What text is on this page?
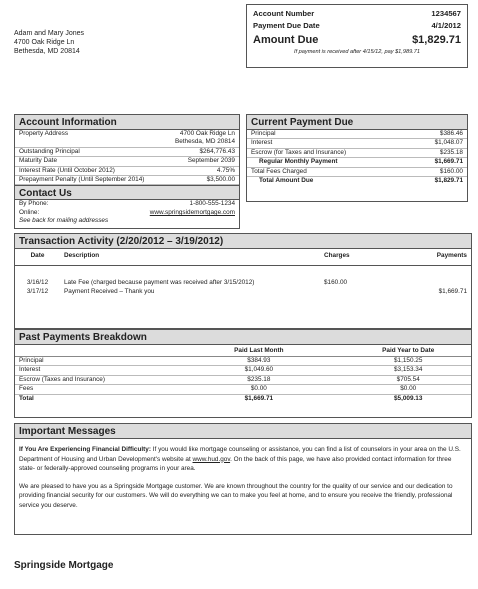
Adam and Mary Jones
4700 Oak Ridge Ln
Bethesda, MD 20814
Account Number	1234567
Payment Due Date	4/1/2012
Amount Due	$1,829.71
If payment is received after 4/15/12, pay $1,989.71
Account Information
Property Address	4700 Oak Ridge Ln
Bethesda, MD 20814
Outstanding Principal	$264,776.43
Maturity Date	September 2039
Interest Rate (Until October 2012)	4.75%
Prepayment Penalty (Until September 2014)	$3,500.00
Contact Us
By Phone:	1-800-555-1234
Online:	www.springsidemortgage.com
See back for mailing addresses
Current Payment Due
Principal	$386.46
Interest	$1,048.07
Escrow (for Taxes and Insurance)	$235.18
Regular Monthly Payment	$1,669.71
Total Fees Charged	$160.00
Total Amount Due	$1,829.71
Transaction Activity (2/20/2012 – 3/19/2012)
Date	Description	Charges	Payments

3/16/12	Late Fee (charged because payment was received after 3/15/2012)	$160.00	
3/17/12	Payment Received – Thank you		$1,669.71
Past Payments Breakdown
	Paid Last Month		Paid Year to Date	
Principal	$384.93		$1,150.25	
Interest	$1,049.60		$3,153.34	
Escrow (Taxes and Insurance)	$235.18		$705.54	
Fees	$0.00		$0.00	
Total	$1,669.71		$5,009.13	
Important Messages
If You Are Experiencing Financial Difficulty: If you would like mortgage counseling or assistance, you can find a list of counselors in your area on the U.S. Department of Housing and Urban Development's website at www.hud.gov. On the back of this page, we have also provided contact information for three state- or federally-approved counseling programs in your area.
We are pleased to have you as a Springside Mortgage customer. We are known throughout the country for the quality of our service and our dedication to providing financial security for our customers. We will do everything we can to make you feel at home, and to ensure you receive the friendly, professional service you deserve.
Springside Mortgage
